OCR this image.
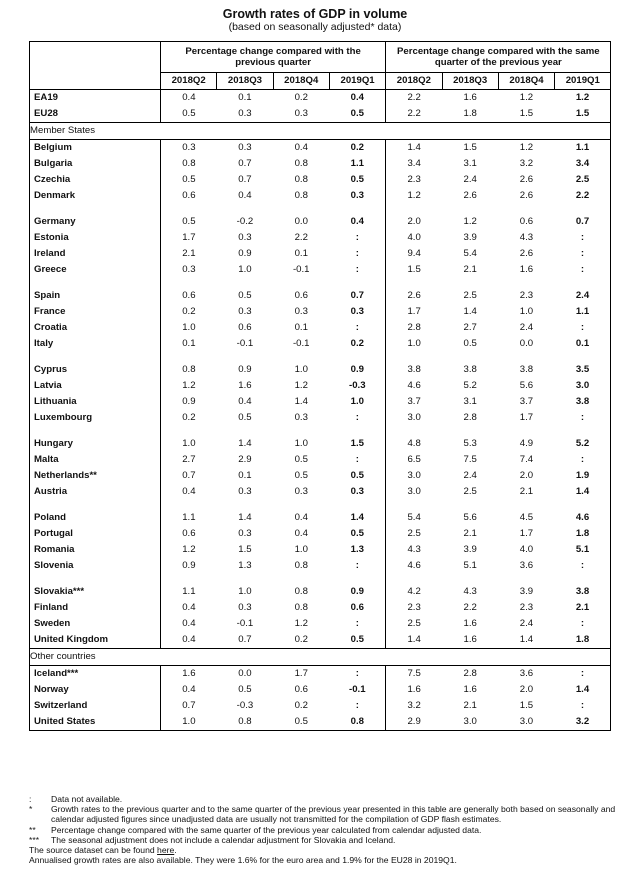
Growth rates of GDP in volume
(based on seasonally adjusted* data)
	Percentage change compared with the previous quarter				Percentage change compared with the same quarter of the previous year			
	2018Q2	2018Q3	2018Q4	2019Q1	2018Q2	2018Q3	2018Q4	2019Q1
EA19	0.4	0.1	0.2	0.4	2.2	1.6	1.2	1.2
EU28	0.5	0.3	0.3	0.5	2.2	1.8	1.5	1.5
Member States								
Belgium	0.3	0.3	0.4	0.2	1.4	1.5	1.2	1.1
Bulgaria	0.8	0.7	0.8	1.1	3.4	3.1	3.2	3.4
Czechia	0.5	0.7	0.8	0.5	2.3	2.4	2.6	2.5
Denmark	0.6	0.4	0.8	0.3	1.2	2.6	2.6	2.2

Germany	0.5	-0.2	0.0	0.4	2.0	1.2	0.6	0.7
Estonia	1.7	0.3	2.2	:	4.0	3.9	4.3	:
Ireland	2.1	0.9	0.1	:	9.4	5.4	2.6	:
Greece	0.3	1.0	-0.1	:	1.5	2.1	1.6	:

Spain	0.6	0.5	0.6	0.7	2.6	2.5	2.3	2.4
France	0.2	0.3	0.3	0.3	1.7	1.4	1.0	1.1
Croatia	1.0	0.6	0.1	:	2.8	2.7	2.4	:
Italy	0.1	-0.1	-0.1	0.2	1.0	0.5	0.0	0.1

Cyprus	0.8	0.9	1.0	0.9	3.8	3.8	3.8	3.5
Latvia	1.2	1.6	1.2	-0.3	4.6	5.2	5.6	3.0
Lithuania	0.9	0.4	1.4	1.0	3.7	3.1	3.7	3.8
Luxembourg	0.2	0.5	0.3	:	3.0	2.8	1.7	:

Hungary	1.0	1.4	1.0	1.5	4.8	5.3	4.9	5.2
Malta	2.7	2.9	0.5	:	6.5	7.5	7.4	:
Netherlands**	0.7	0.1	0.5	0.5	3.0	2.4	2.0	1.9
Austria	0.4	0.3	0.3	0.3	3.0	2.5	2.1	1.4

Poland	1.1	1.4	0.4	1.4	5.4	5.6	4.5	4.6
Portugal	0.6	0.3	0.4	0.5	2.5	2.1	1.7	1.8
Romania	1.2	1.5	1.0	1.3	4.3	3.9	4.0	5.1
Slovenia	0.9	1.3	0.8	:	4.6	5.1	3.6	:

Slovakia***	1.1	1.0	0.8	0.9	4.2	4.3	3.9	3.8
Finland	0.4	0.3	0.8	0.6	2.3	2.2	2.3	2.1
Sweden	0.4	-0.1	1.2	:	2.5	1.6	2.4	:
United Kingdom	0.4	0.7	0.2	0.5	1.4	1.6	1.4	1.8
Other countries								
Iceland***	1.6	0.0	1.7	:	7.5	2.8	3.6	:
Norway	0.4	0.5	0.6	-0.1	1.6	1.6	2.0	1.4
Switzerland	0.7	-0.3	0.2	:	3.2	2.1	1.5	:
United States	1.0	0.8	0.5	0.8	2.9	3.0	3.0	3.2
:	Data not available.
*	Growth rates to the previous quarter and to the same quarter of the previous year presented in this table are generally both based on seasonally and calendar adjusted figures since unadjusted data are usually not transmitted for the compilation of GDP flash estimates.
**	Percentage change compared with the same quarter of the previous year calculated from calendar adjusted data.
***	The seasonal adjustment does not include a calendar adjustment for Slovakia and Iceland.
The source dataset can be found here.
Annualised growth rates are also available. They were 1.6% for the euro area and 1.9% for the EU28 in 2019Q1.
